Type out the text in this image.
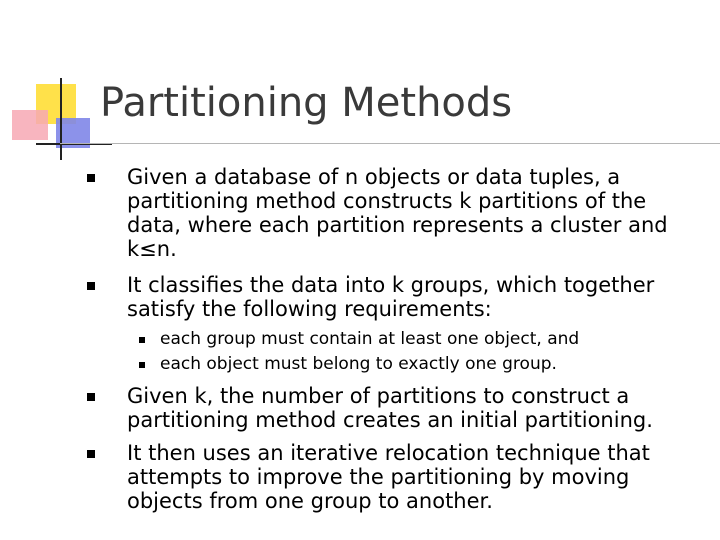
Partitioning Methods
Given a database of n objects or data tuples, a partitioning method constructs k partitions of the data, where each partition represents a cluster and k≤n.
It classifies the data into k groups, which together satisfy the following requirements:
each group must contain at least one object, and
each object must belong to exactly one group.
Given k, the number of partitions to construct a partitioning method creates an initial partitioning.
It then uses an iterative relocation technique that attempts to improve the partitioning by moving objects from one group to another.
